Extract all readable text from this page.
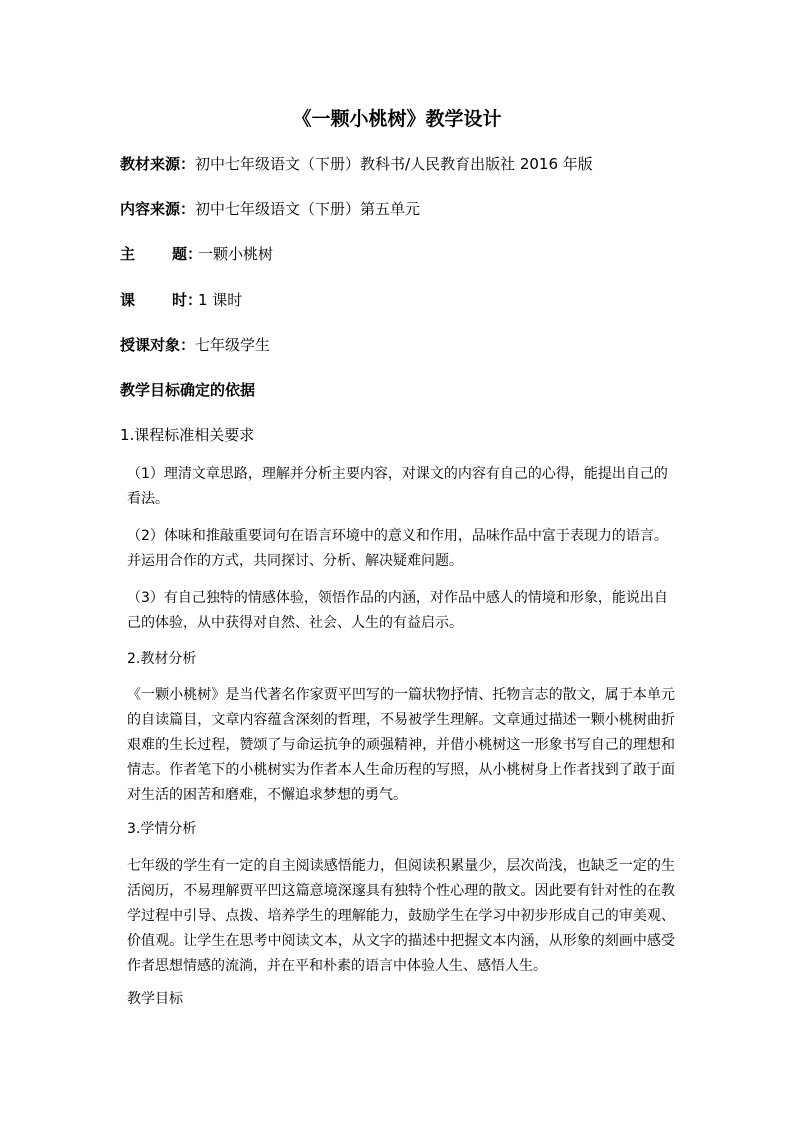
《一颗小桃树》教学设计
教材来源：初中七年级语文（下册）教科书/人民教育出版社 2016 年版
内容来源：初中七年级语文（下册）第五单元
主 题：一颗小桃树
课 时：1 课时
授课对象：七年级学生
教学目标确定的依据
1.课程标准相关要求
（1）理清文章思路，理解并分析主要内容，对课文的内容有自己的心得，能提出自己的看法。
（2）体味和推敲重要词句在语言环境中的意义和作用，品味作品中富于表现力的语言。并运用合作的方式，共同探讨、分析、解决疑难问题。
（3）有自己独特的情感体验，领悟作品的内涵，对作品中感人的情境和形象，能说出自己的体验，从中获得对自然、社会、人生的有益启示。
2.教材分析
《一颗小桃树》是当代著名作家贾平凹写的一篇状物抒情、托物言志的散文，属于本单元的自读篇目，文章内容蕴含深刻的哲理，不易被学生理解。文章通过描述一颗小桃树曲折艰难的生长过程，赞颂了与命运抗争的顽强精神，并借小桃树这一形象书写自己的理想和情志。作者笔下的小桃树实为作者本人生命历程的写照，从小桃树身上作者找到了敢于面对生活的困苦和磨难，不懈追求梦想的勇气。
3.学情分析
七年级的学生有一定的自主阅读感悟能力，但阅读积累量少，层次尚浅，也缺乏一定的生活阅历，不易理解贾平凹这篇意境深邃具有独特个性心理的散文。因此要有针对性的在教学过程中引导、点拨、培养学生的理解能力，鼓励学生在学习中初步形成自己的审美观、价值观。让学生在思考中阅读文本，从文字的描述中把握文本内涵，从形象的刻画中感受作者思想情感的流淌，并在平和朴素的语言中体验人生、感悟人生。
教学目标
